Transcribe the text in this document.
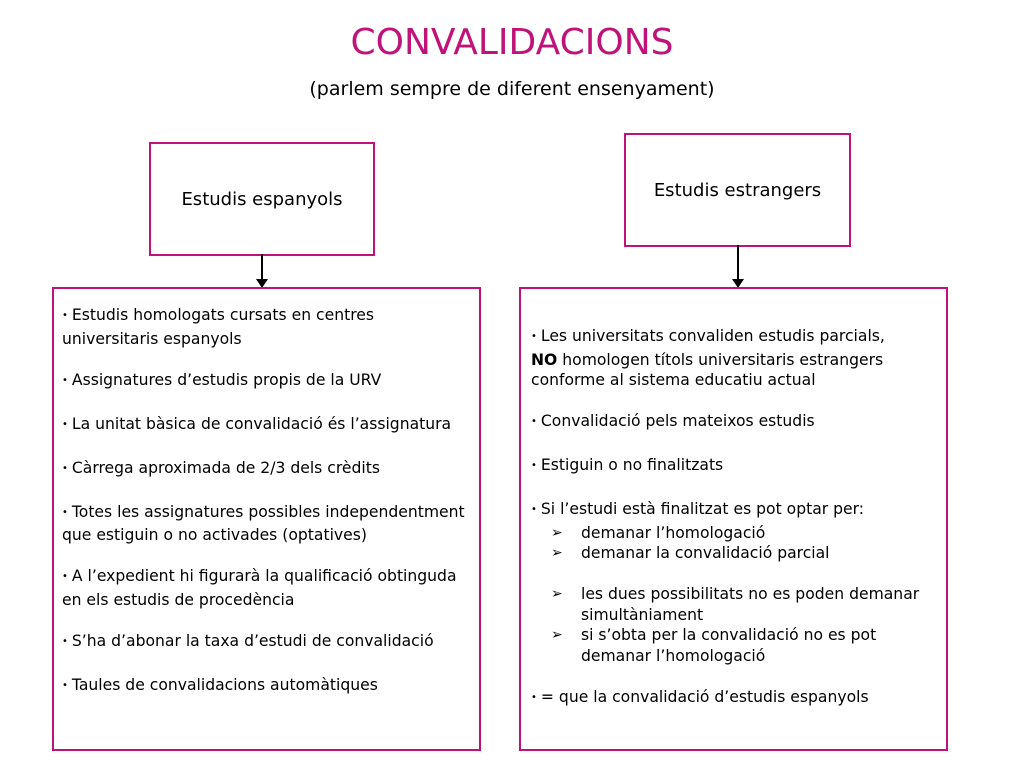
CONVALIDACIONS
(parlem sempre de diferent ensenyament)
Estudis espanyols	Estudis estrangers
• Estudis homologats cursats en centres universitaris espanyols
• Assignatures d’estudis propis de la URV
• La unitat bàsica de convalidació és l’assignatura
• Càrrega aproximada de 2/3 dels crèdits
• Totes les assignatures possibles independentment que estiguin o no activades (optatives)
• A l’expedient hi figurarà la qualificació obtinguda en els estudis de procedència
• S’ha d’abonar la taxa d’estudi de convalidació
• Taules de convalidacions automàtiques
• Les universitats convaliden estudis parcials,
NO homologen títols universitaris estrangers conforme al sistema educatiu actual
• Convalidació pels mateixos estudis
• Estiguin o no finalitzats
• Si l’estudi està finalitzat es pot optar per:
➢ demanar l’homologació
➢ demanar la convalidació parcial
➢ les dues possibilitats no es poden demanar simultàniament
➢ si s’obta per la convalidació no es pot demanar l’homologació
• = que la convalidació d’estudis espanyols
